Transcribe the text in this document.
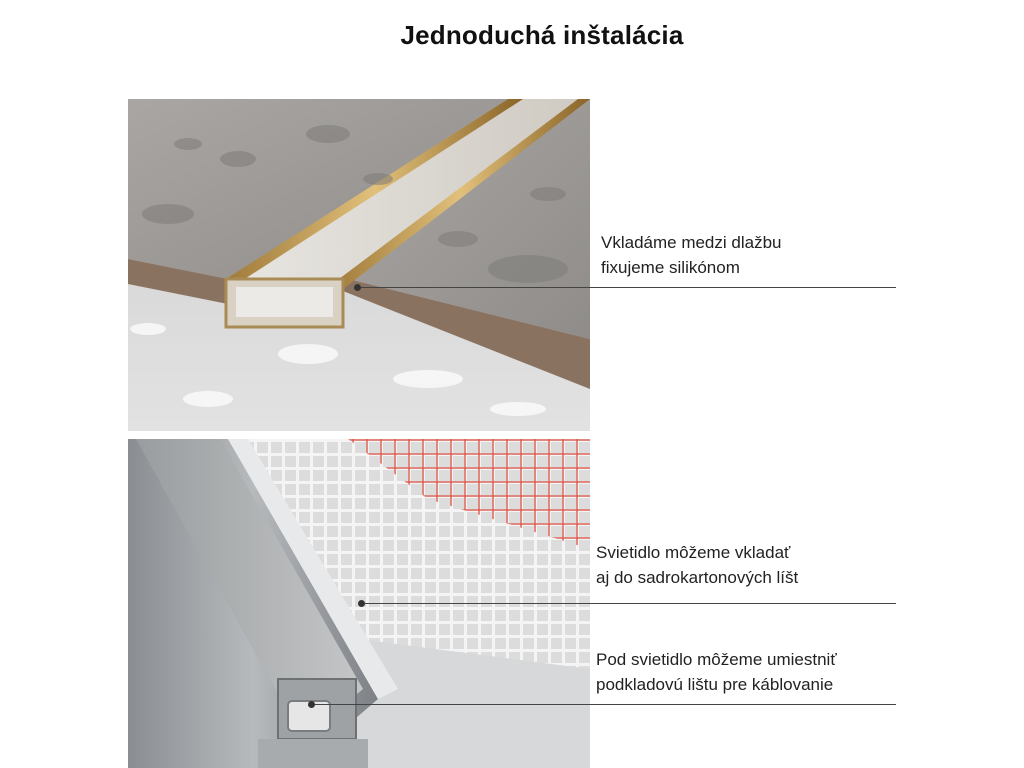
Jednoduchá inštalácia
Vkladáme medzi dlažbu
fixujeme silikónom
Svietidlo môžeme vkladať
aj do sadrokartonových líšt
Pod svietidlo môžeme umiestniť
podkladovú lištu pre káblovanie
